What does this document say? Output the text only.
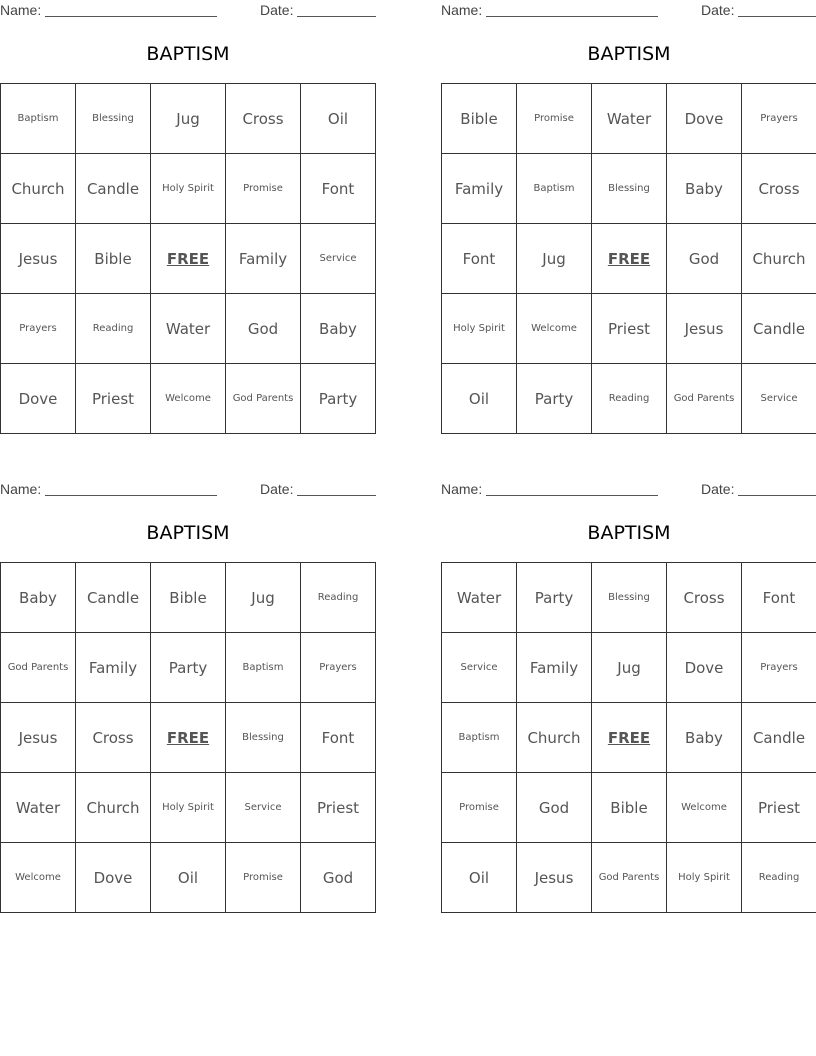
Name:	Date:
BAPTISM
Baptism	Blessing	Jug	Cross	Oil
Church	Candle	Holy Spirit	Promise	Font
Jesus	Bible	FREE	Family	Service
Prayers	Reading	Water	God	Baby
Dove	Priest	Welcome	God Parents	Party
Name:	Date:
BAPTISM
Bible	Promise	Water	Dove	Prayers
Family	Baptism	Blessing	Baby	Cross
Font	Jug	FREE	God	Church
Holy Spirit	Welcome	Priest	Jesus	Candle
Oil	Party	Reading	God Parents	Service
Name:	Date:
BAPTISM
Baby	Candle	Bible	Jug	Reading
God Parents	Family	Party	Baptism	Prayers
Jesus	Cross	FREE	Blessing	Font
Water	Church	Holy Spirit	Service	Priest
Welcome	Dove	Oil	Promise	God
Name:	Date:
BAPTISM
Water	Party	Blessing	Cross	Font
Service	Family	Jug	Dove	Prayers
Baptism	Church	FREE	Baby	Candle
Promise	God	Bible	Welcome	Priest
Oil	Jesus	God Parents	Holy Spirit	Reading
